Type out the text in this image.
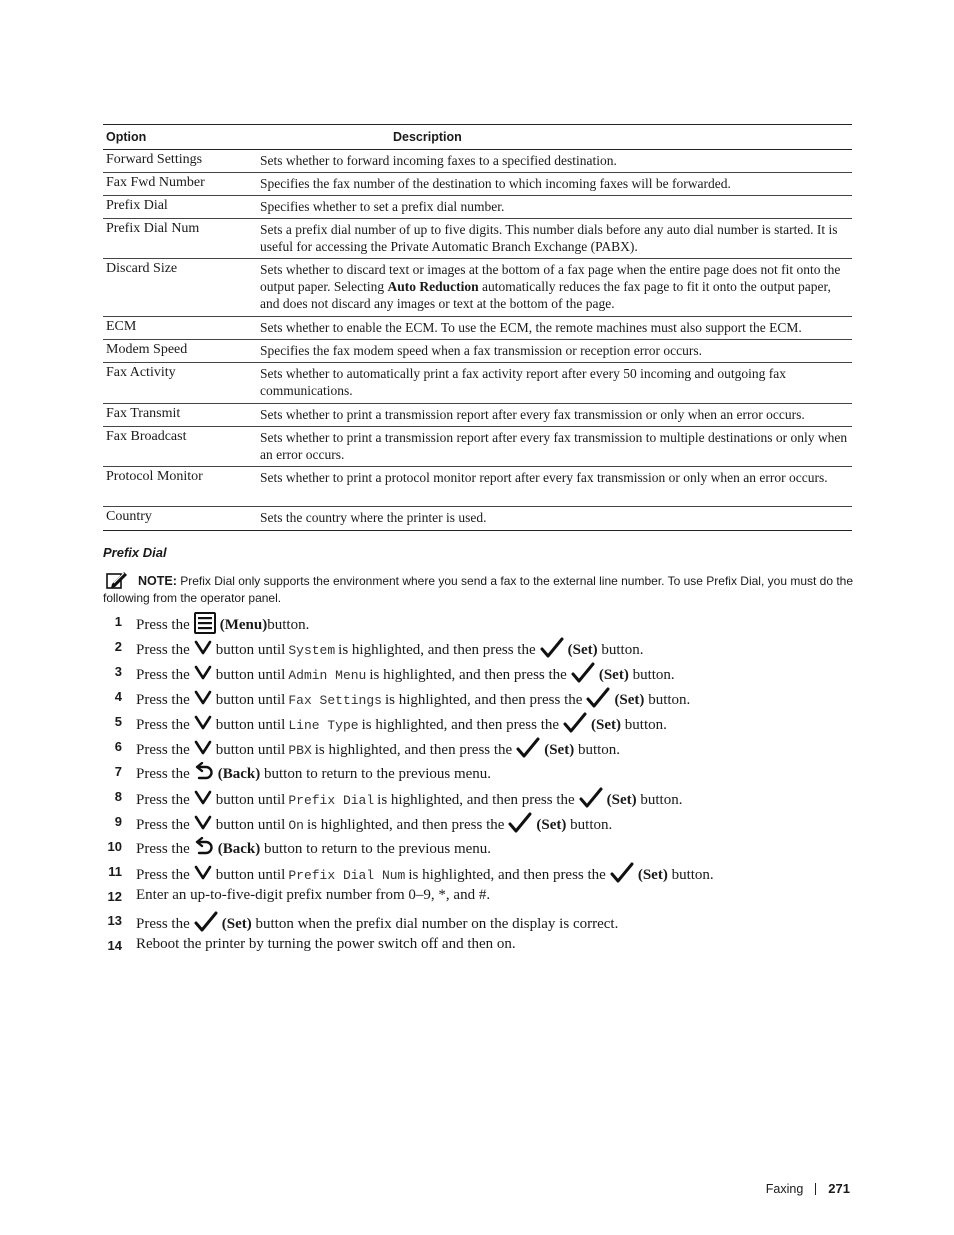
Option	Description
Forward Settings	Sets whether to forward incoming faxes to a specified destination.
Fax Fwd Number	Specifies the fax number of the destination to which incoming faxes will be forwarded.
Prefix Dial	Specifies whether to set a prefix dial number.
Prefix Dial Num	Sets a prefix dial number of up to five digits. This number dials before any auto dial number is started. It is useful for accessing the Private Automatic Branch Exchange (PABX).
Discard Size	Sets whether to discard text or images at the bottom of a fax page when the entire page does not fit onto the output paper. Selecting Auto Reduction automatically reduces the fax page to fit it onto the output paper, and does not discard any images or text at the bottom of the page.
ECM	Sets whether to enable the ECM. To use the ECM, the remote machines must also support the ECM.
Modem Speed	Specifies the fax modem speed when a fax transmission or reception error occurs.
Fax Activity	Sets whether to automatically print a fax activity report after every 50 incoming and outgoing fax communications.
Fax Transmit	Sets whether to print a transmission report after every fax transmission or only when an error occurs.
Fax Broadcast	Sets whether to print a transmission report after every fax transmission to multiple destinations or only when an error occurs.
Protocol Monitor	Sets whether to print a protocol monitor report after every fax transmission or only when an error occurs.
Country	Sets the country where the printer is used.
Prefix Dial
NOTE: Prefix Dial only supports the environment where you send a fax to the external line number. To use Prefix Dial, you must do the following from the operator panel.
1 Press the (Menu) button.
2 Press the button until System is highlighted, and then press the (Set)
button.
3 Press the button until Admin Menu is highlighted, and then press the (Set)
button.
4 Press the button until Fax Settings is highlighted, and then press the (Set)
button.
5 Press the button until Line Type is highlighted, and then press the (Set)
button.
6 Press the button until PBX is highlighted, and then press the (Set)
button.
7 Press the (Back)
button to return to the previous menu.
8 Press the button until Prefix Dial is highlighted, and then press the (Set)
button.
9 Press the button until On is highlighted, and then press the (Set)
button.
10 Press the (Back)
button to return to the previous menu.
11 Press the button until Prefix Dial Num is highlighted, and then press the (Set)
button.
12 Enter an up-to-five-digit prefix number from 0–9, *, and #.
13 Press the (Set)
button when the prefix dial number on the display is correct.
14 Reboot the printer by turning the power switch off and then on.
Faxing 271
